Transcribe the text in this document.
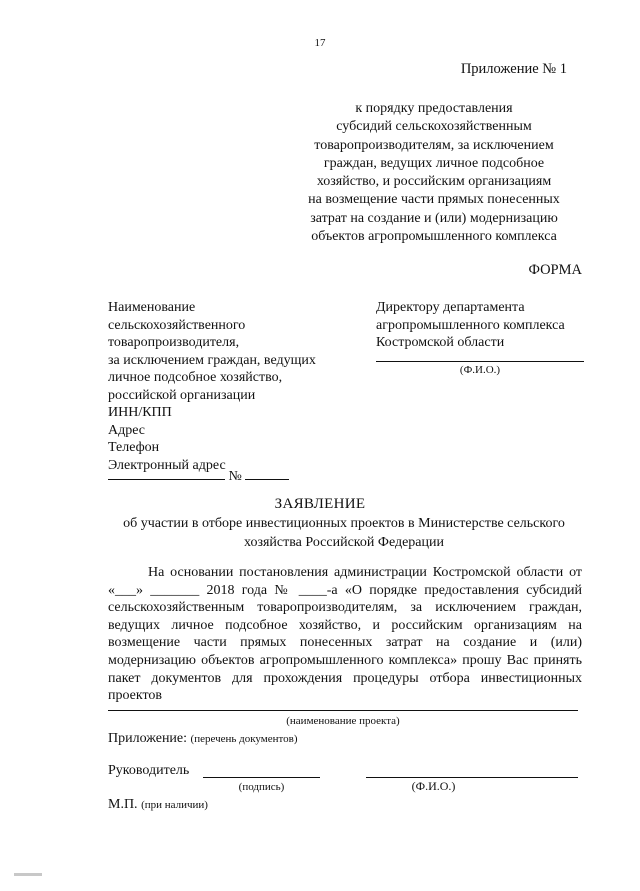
17
Приложение № 1
к порядку предоставления
субсидий сельскохозяйственным
товаропроизводителям, за исключением
граждан, ведущих личное подсобное
хозяйство, и российским организациям
на возмещение части прямых понесенных
затрат на создание и (или) модернизацию
объектов агропромышленного комплекса
ФОРМА
Наименование
сельскохозяйственного
товаропроизводителя,
за исключением граждан, ведущих
личное подсобное хозяйство,
российской организации
ИНН/КПП
Адрес
Телефон
Электронный адрес
№
Директору департамента
агропромышленного комплекса
Костромской области
(Ф.И.О.)
ЗАЯВЛЕНИЕ
об участии в отборе инвестиционных проектов в Министерстве сельского
хозяйства Российской Федерации

На основании постановления администрации Костромской области от «___» _______ 2018 года № ____-а «О порядке предоставления субсидий сельскохозяйственным товаропроизводителям, за исключением граждан, ведущих личное подсобное хозяйство, и российским организациям на возмещение части прямых понесенных затрат на создание и (или) модернизацию объектов агропромышленного комплекса» прошу Вас принять пакет документов для прохождения процедуры отбора инвестиционных проектов

(наименование проекта)
Приложение: (перечень документов)
Руководитель
(подпись)	(Ф.И.О.)
М.П. (при наличии)
